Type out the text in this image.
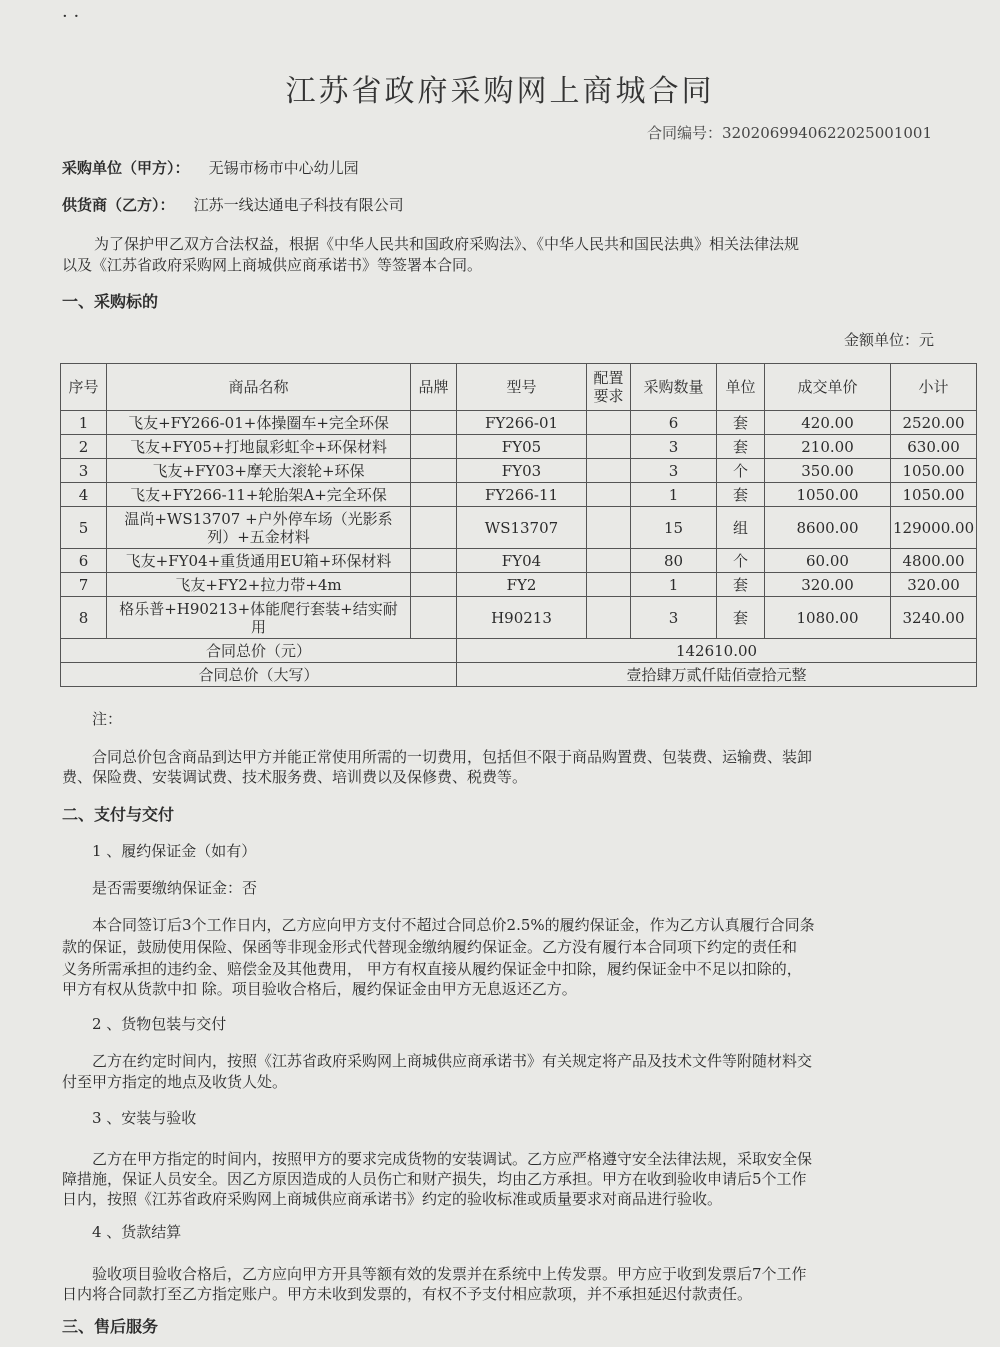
· ·
江苏省政府采购网上商城合同
合同编号：3202069940622025001001
采购单位（甲方）： 无锡市杨市中心幼儿园
供货商（乙方）： 江苏一线达通电子科技有限公司
为了保护甲乙双方合法权益，根据《中华人民共和国政府采购法》、《中华人民共和国民法典》相关法律法规
以及《江苏省政府采购网上商城供应商承诺书》等签署本合同。
一、采购标的
金额单位：元
序号	商品名称	品牌	型号	配置要求	采购数量	单位	成交单价	小计
1	飞友+FY266-01+体操圈车+完全环保		FY266-01		6	套	420.00	2520.00
2	飞友+FY05+打地鼠彩虹伞+环保材料		FY05		3	套	210.00	630.00
3	飞友+FY03+摩天大滚轮+环保		FY03		3	个	350.00	1050.00
4	飞友+FY266-11+轮胎架A+完全环保		FY266-11		1	套	1050.00	1050.00
5	温尚+WS13707 +户外停车场（光影系列）+五金材料		WS13707		15	组	8600.00	129000.00
6	飞友+FY04+重货通用EU箱+环保材料		FY04		80	个	60.00	4800.00
7	飞友+FY2+拉力带+4m		FY2		1	套	320.00	320.00
8	格乐普+H90213+体能爬行套装+结实耐用		H90213		3	套	1080.00	3240.00
合同总价（元）			142610.00					
合同总价（大写）			壹拾肆万贰仟陆佰壹拾元整					
注：
合同总价包含商品到达甲方并能正常使用所需的一切费用，包括但不限于商品购置费、包装费、运输费、装卸
费、保险费、安装调试费、技术服务费、培训费以及保修费、税费等。
二、支付与交付
1 、履约保证金（如有）
是否需要缴纳保证金：否
本合同签订后3个工作日内，乙方应向甲方支付不超过合同总价2.5%的履约保证金，作为乙方认真履行合同条
款的保证，鼓励使用保险、保函等非现金形式代替现金缴纳履约保证金。乙方没有履行本合同项下约定的责任和
义务所需承担的违约金、赔偿金及其他费用， 甲方有权直接从履约保证金中扣除，履约保证金中不足以扣除的，
甲方有权从货款中扣 除。项目验收合格后，履约保证金由甲方无息返还乙方。
2 、货物包装与交付
乙方在约定时间内，按照《江苏省政府采购网上商城供应商承诺书》有关规定将产品及技术文件等附随材料交
付至甲方指定的地点及收货人处。
3 、安装与验收
乙方在甲方指定的时间内，按照甲方的要求完成货物的安装调试。乙方应严格遵守安全法律法规，采取安全保
障措施，保证人员安全。因乙方原因造成的人员伤亡和财产损失，均由乙方承担。甲方在收到验收申请后5个工作
日内，按照《江苏省政府采购网上商城供应商承诺书》约定的验收标准或质量要求对商品进行验收。
4 、货款结算
验收项目验收合格后，乙方应向甲方开具等额有效的发票并在系统中上传发票。甲方应于收到发票后7个工作
日内将合同款打至乙方指定账户。甲方未收到发票的，有权不予支付相应款项，并不承担延迟付款责任。
三、售后服务
